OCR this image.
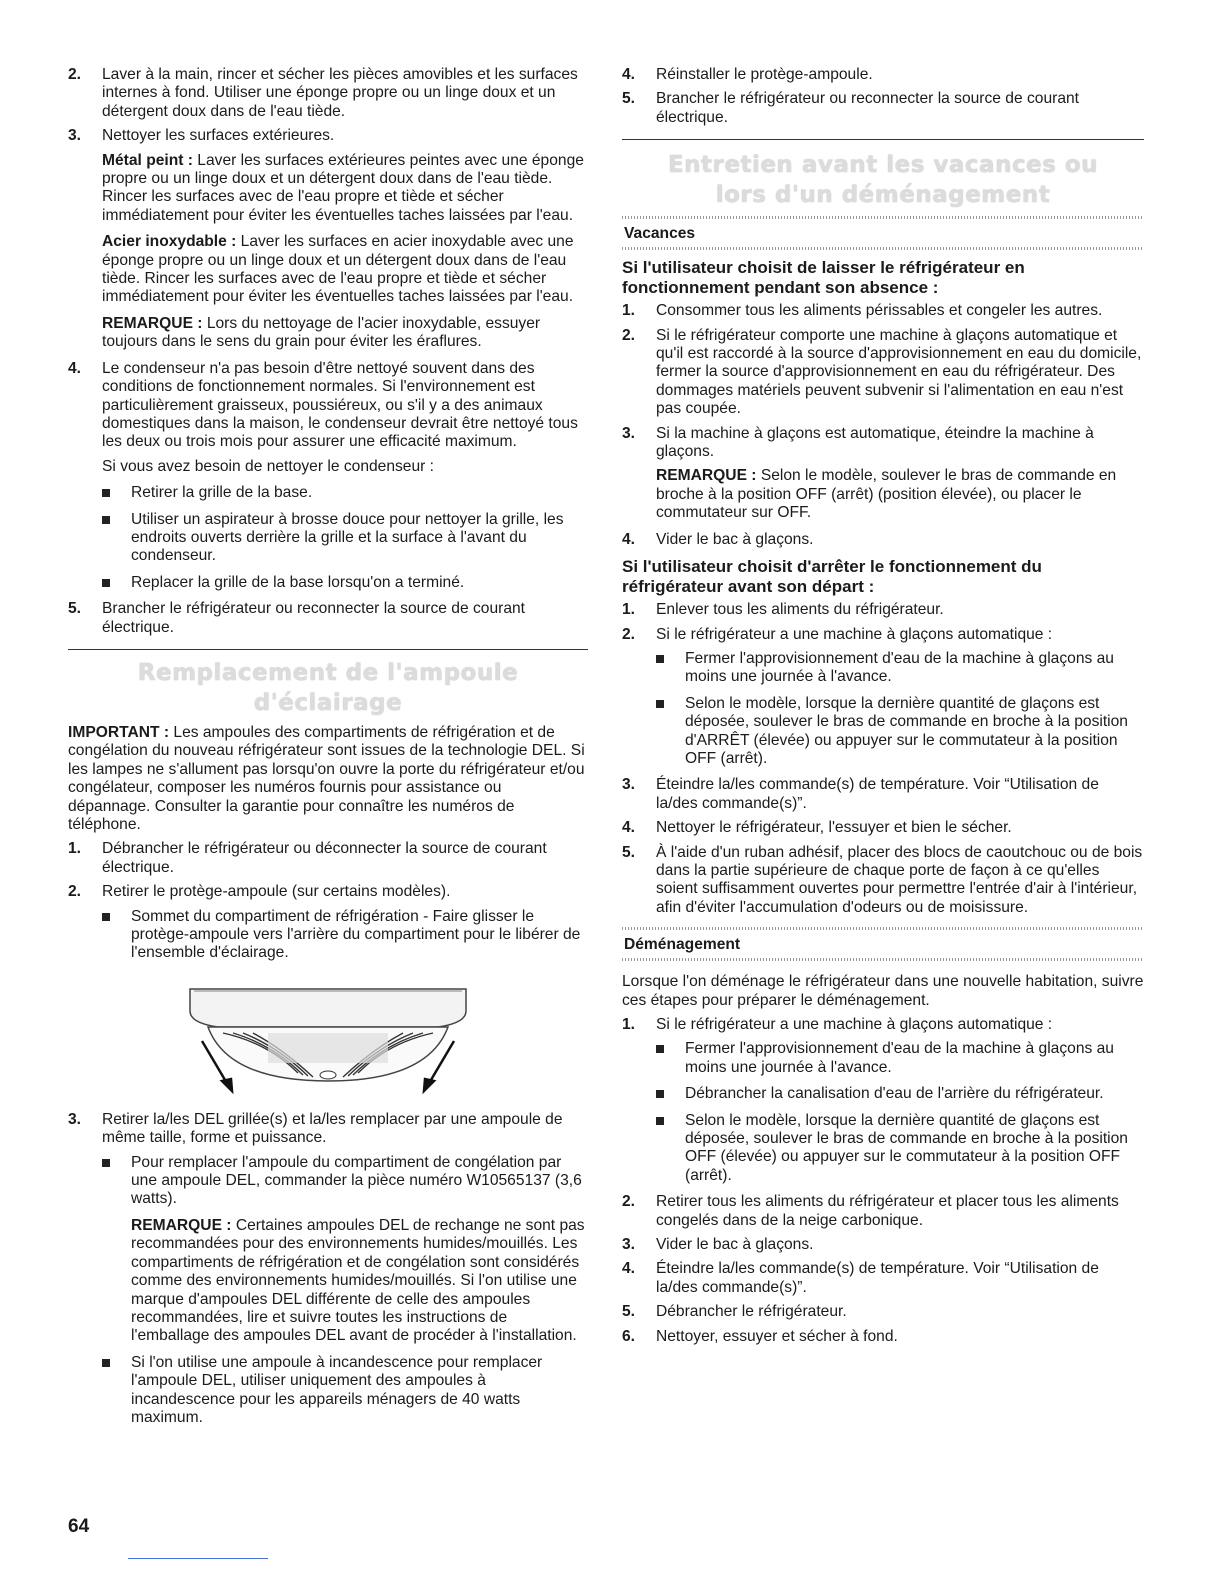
2. Laver à la main, rincer et sécher les pièces amovibles et les surfaces internes à fond. Utiliser une éponge propre ou un linge doux et un détergent doux dans de l'eau tiède.

3. Nettoyer les surfaces extérieures.

Métal peint : Laver les surfaces extérieures peintes avec une éponge propre ou un linge doux et un détergent doux dans de l'eau tiède. Rincer les surfaces avec de l'eau propre et tiède et sécher immédiatement pour éviter les éventuelles taches laissées par l'eau.

Acier inoxydable : Laver les surfaces en acier inoxydable avec une éponge propre ou un linge doux et un détergent doux dans de l'eau tiède. Rincer les surfaces avec de l'eau propre et tiède et sécher immédiatement pour éviter les éventuelles taches laissées par l'eau.

REMARQUE : Lors du nettoyage de l'acier inoxydable, essuyer toujours dans le sens du grain pour éviter les éraflures.

4. Le condenseur n'a pas besoin d'être nettoyé souvent dans des conditions de fonctionnement normales. Si l'environnement est particulièrement graisseux, poussiéreux, ou s'il y a des animaux domestiques dans la maison, le condenseur devrait être nettoyé tous les deux ou trois mois pour assurer une efficacité maximum.

Si vous avez besoin de nettoyer le condenseur :

Retirer la grille de la base.

Utiliser un aspirateur à brosse douce pour nettoyer la grille, les endroits ouverts derrière la grille et la surface à l'avant du condenseur.

Replacer la grille de la base lorsqu'on a terminé.

5. Brancher le réfrigérateur ou reconnecter la source de courant électrique.

Remplacement de l'ampoule d'éclairage

IMPORTANT : Les ampoules des compartiments de réfrigération et de congélation du nouveau réfrigérateur sont issues de la technologie DEL. Si les lampes ne s'allument pas lorsqu'on ouvre la porte du réfrigérateur et/ou congélateur, composer les numéros fournis pour assistance ou dépannage. Consulter la garantie pour connaître les numéros de téléphone.

1. Débrancher le réfrigérateur ou déconnecter la source de courant électrique.

2. Retirer le protège-ampoule (sur certains modèles).

Sommet du compartiment de réfrigération - Faire glisser le protège-ampoule vers l'arrière du compartiment pour le libérer de l'ensemble d'éclairage.

3. Retirer la/les DEL grillée(s) et la/les remplacer par une ampoule de même taille, forme et puissance.

Pour remplacer l'ampoule du compartiment de congélation par une ampoule DEL, commander la pièce numéro W10565137 (3,6 watts).

REMARQUE : Certaines ampoules DEL de rechange ne sont pas recommandées pour des environnements humides/mouillés. Les compartiments de réfrigération et de congélation sont considérés comme des environnements humides/mouillés. Si l'on utilise une marque d'ampoules DEL différente de celle des ampoules recommandées, lire et suivre toutes les instructions de l'emballage des ampoules DEL avant de procéder à l'installation.

Si l'on utilise une ampoule à incandescence pour remplacer l'ampoule DEL, utiliser uniquement des ampoules à incandescence pour les appareils ménagers de 40 watts maximum.

4. Réinstaller le protège-ampoule.

5. Brancher le réfrigérateur ou reconnecter la source de courant électrique.

Entretien avant les vacances ou
lors d'un déménagement
Vacances
Si l'utilisateur choisit de laisser le réfrigérateur en fonctionnement pendant son absence :

1. Consommer tous les aliments périssables et congeler les autres.

2. Si le réfrigérateur comporte une machine à glaçons automatique et qu'il est raccordé à la source d'approvisionnement en eau du domicile, fermer la source d'approvisionnement en eau du réfrigérateur. Des dommages matériels peuvent subvenir si l'alimentation en eau n'est pas coupée.

3. Si la machine à glaçons est automatique, éteindre la machine à glaçons.

REMARQUE : Selon le modèle, soulever le bras de commande en broche à la position OFF (arrêt) (position élevée), ou placer le commutateur sur OFF.

4. Vider le bac à glaçons.

Si l'utilisateur choisit d'arrêter le fonctionnement du réfrigérateur avant son départ :

1. Enlever tous les aliments du réfrigérateur.

2. Si le réfrigérateur a une machine à glaçons automatique :

Fermer l'approvisionnement d'eau de la machine à glaçons au moins une journée à l'avance.

Selon le modèle, lorsque la dernière quantité de glaçons est déposée, soulever le bras de commande en broche à la position d'ARRÊT (élevée) ou appuyer sur le commutateur à la position OFF (arrêt).

3. Éteindre la/les commande(s) de température. Voir “Utilisation de la/des commande(s)”.

4. Nettoyer le réfrigérateur, l'essuyer et bien le sécher.

5. À l'aide d'un ruban adhésif, placer des blocs de caoutchouc ou de bois dans la partie supérieure de chaque porte de façon à ce qu'elles soient suffisamment ouvertes pour permettre l'entrée d'air à l'intérieur, afin d'éviter l'accumulation d'odeurs ou de moisissure.

Déménagement

Lorsque l'on déménage le réfrigérateur dans une nouvelle habitation, suivre ces étapes pour préparer le déménagement.

1. Si le réfrigérateur a une machine à glaçons automatique :

Fermer l'approvisionnement d'eau de la machine à glaçons au moins une journée à l'avance.

Débrancher la canalisation d'eau de l'arrière du réfrigérateur.

Selon le modèle, lorsque la dernière quantité de glaçons est déposée, soulever le bras de commande en broche à la position OFF (élevée) ou appuyer sur le commutateur à la position OFF (arrêt).

2. Retirer tous les aliments du réfrigérateur et placer tous les aliments congelés dans de la neige carbonique.

3. Vider le bac à glaçons.

4. Éteindre la/les commande(s) de température. Voir “Utilisation de la/des commande(s)”.

5. Débrancher le réfrigérateur.

6. Nettoyer, essuyer et sécher à fond.

64
